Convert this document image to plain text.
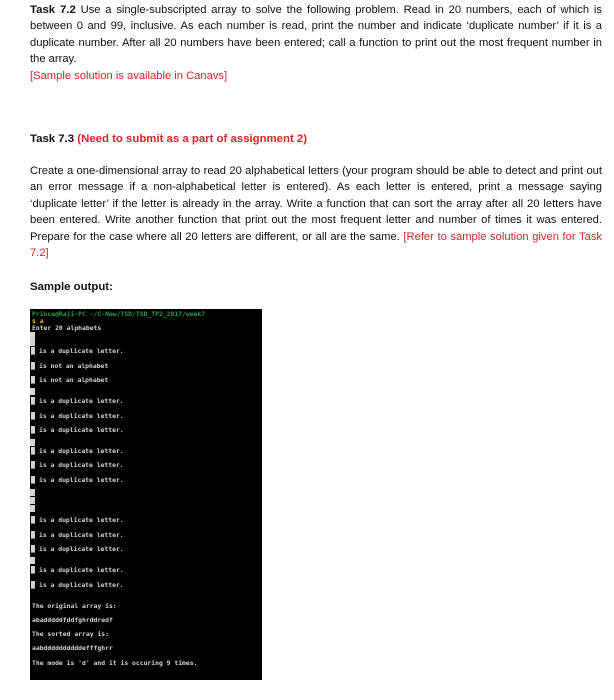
Task 7.2 Use a single-subscripted array to solve the following problem. Read in 20 numbers, each of which is between 0 and 99, inclusive. As each number is read, print the number and indicate ‘duplicate number’ if it is a duplicate number. After all 20 numbers have been entered; call a function to print out the most frequent number in the array.

[Sample solution is available in Canavs]

Task 7.3 (Need to submit as a part of assignment 2)

Create a one-dimensional array to read 20 alphabetical letters (your program should be able to detect and print out an error message if a non-alphabetical letter is entered). As each letter is entered, print a message saying ‘duplicate letter’ if the letter is already in the array. Write a function that can sort the array after all 20 letters have been entered. Write another function that print out the most frequent letter and number of times it was entered. Prepare for the case where all 20 letters are different, or all are the same. [Refer to sample solution given for Task 7.2]

Sample output:
Prince@Raji-PC ~/C-New/TSD/TSD_TP2_2017/week7
$ a
Enter 20 alphabets
█ is a duplicate letter.
█ is not an alphabet
█ is not an alphabet
█ is a duplicate letter.
█ is a duplicate letter.
█ is a duplicate letter.
█ is a duplicate letter.
█ is a duplicate letter.
█ is a duplicate letter.
█ is a duplicate letter.
█ is a duplicate letter.
█ is a duplicate letter.
█ is a duplicate letter.
█ is a duplicate letter.
The original array is:
abadddddfddfghrddredf
The sorted array is:
aabddddddddddefffghrr
The mode is 'd' and it is occuring 9 times.
